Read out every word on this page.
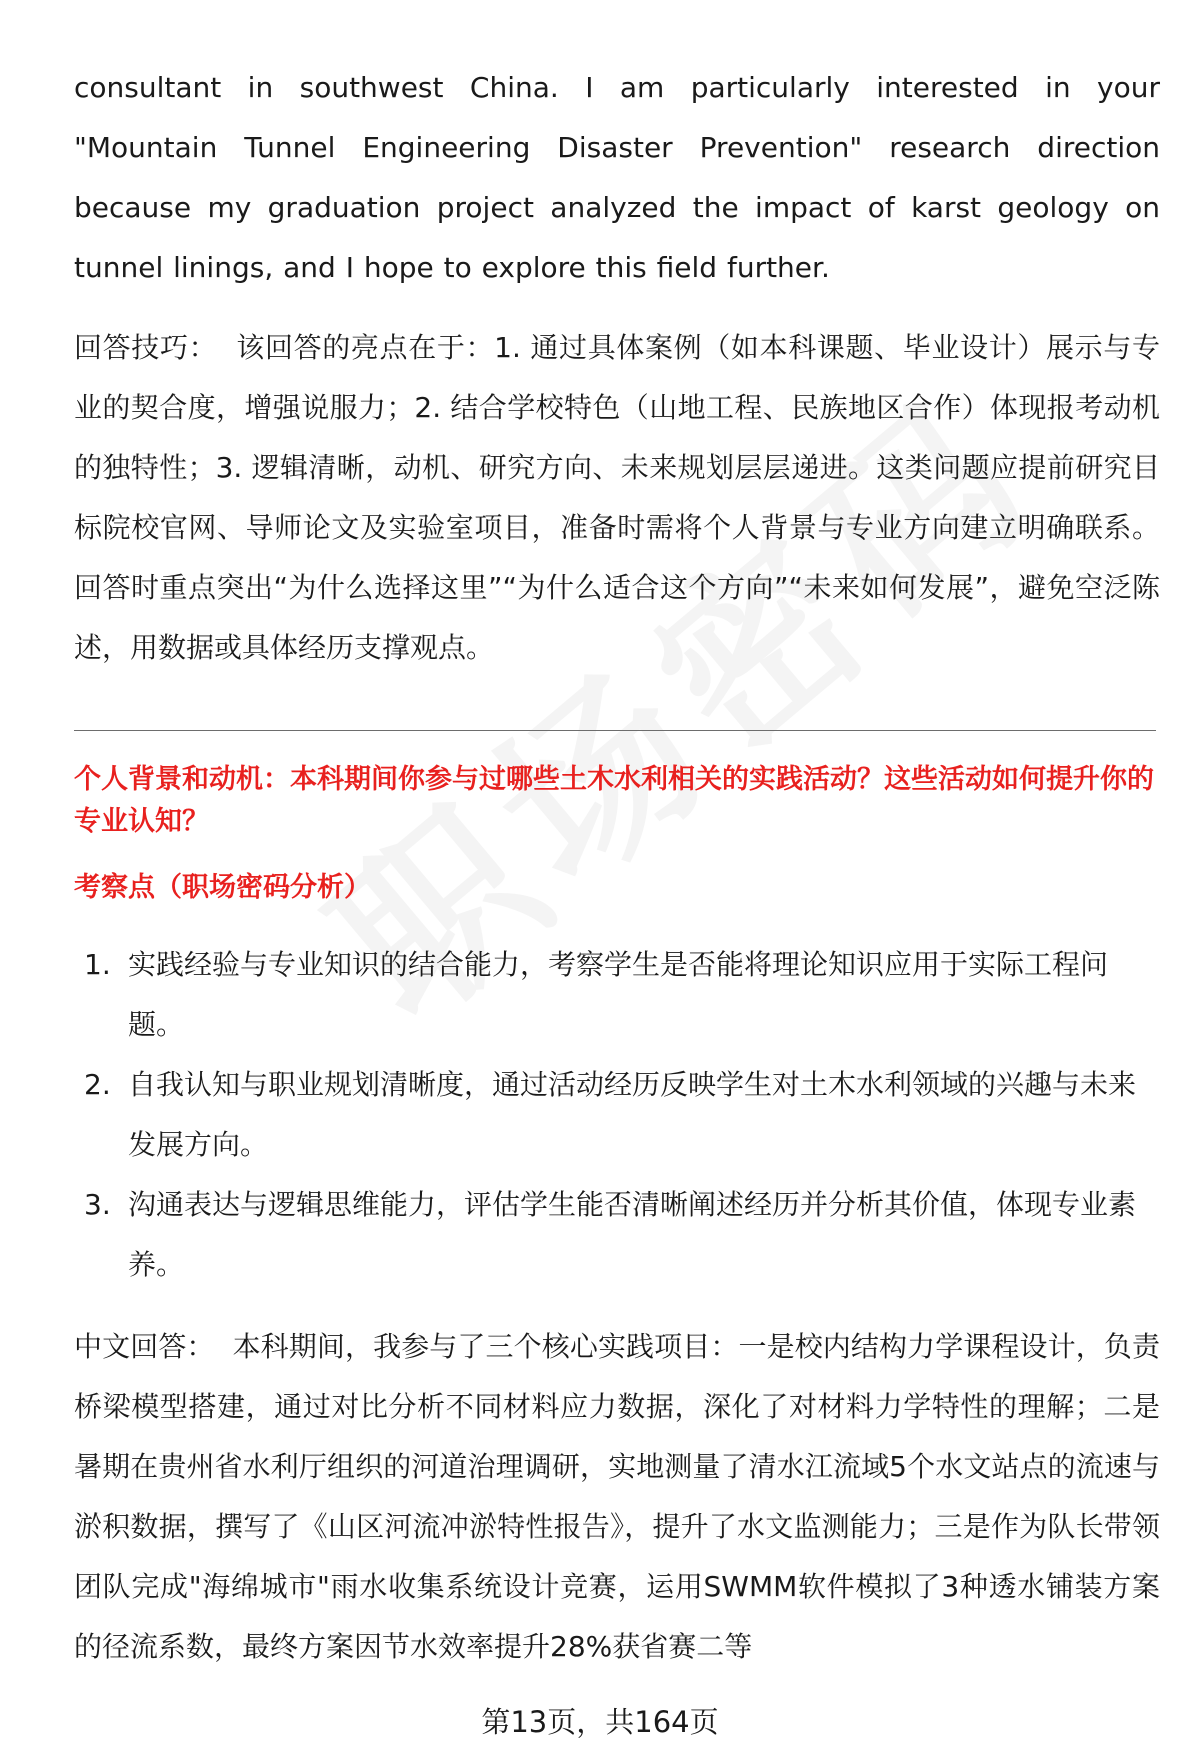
consultant in southwest China. I am particularly interested in your "Mountain Tunnel Engineering Disaster Prevention" research direction because my graduation project analyzed the impact of karst geology on tunnel linings, and I hope to explore this field further.

回答技巧： 该回答的亮点在于：1. 通过具体案例（如本科课题、毕业设计）展示与专业的契合度，增强说服力；2. 结合学校特色（山地工程、民族地区合作）体现报考动机的独特性；3. 逻辑清晰，动机、研究方向、未来规划层层递进。这类问题应提前研究目标院校官网、导师论文及实验室项目，准备时需将个人背景与专业方向建立明确联系。回答时重点突出“为什么选择这里”“为什么适合这个方向”“未来如何发展”，避免空泛陈述，用数据或具体经历支撑观点。

个人背景和动机：本科期间你参与过哪些土木水利相关的实践活动？这些活动如何提升你的专业认知？

考察点（职场密码分析）

1. 实践经验与专业知识的结合能力，考察学生是否能将理论知识应用于实际工程问题。
2. 自我认知与职业规划清晰度，通过活动经历反映学生对土木水利领域的兴趣与未来发展方向。
3. 沟通表达与逻辑思维能力，评估学生能否清晰阐述经历并分析其价值，体现专业素养。

中文回答： 本科期间，我参与了三个核心实践项目：一是校内结构力学课程设计，负责桥梁模型搭建，通过对比分析不同材料应力数据，深化了对材料力学特性的理解；二是暑期在贵州省水利厅组织的河道治理调研，实地测量了清水江流域5个水文站点的流速与淤积数据，撰写了《山区河流冲淤特性报告》，提升了水文监测能力；三是作为队长带领团队完成"海绵城市"雨水收集系统设计竞赛，运用SWMM软件模拟了3种透水铺装方案的径流系数，最终方案因节水效率提升28%获省赛二等

第13页，共164页
